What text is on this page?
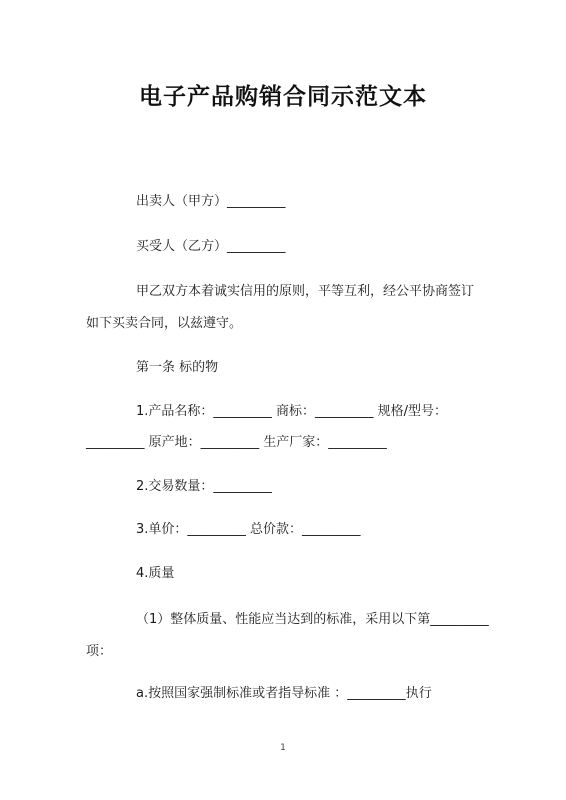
电子产品购销合同示范文本
出卖人（甲方）_________
买受人（乙方）_________
甲乙双方本着诚实信用的原则，平等互利，经公平协商签订
如下买卖合同，以兹遵守。
第一条 标的物
1.产品名称：_________ 商标：_________ 规格/型号：
_________ 原产地：_________ 生产厂家：_________
2.交易数量：_________
3.单价：_________ 总价款：_________
4.质量
（1）整体质量、性能应当达到的标准，采用以下第_________
项：
a.按照国家强制标准或者指导标准 ：_________执行
1
